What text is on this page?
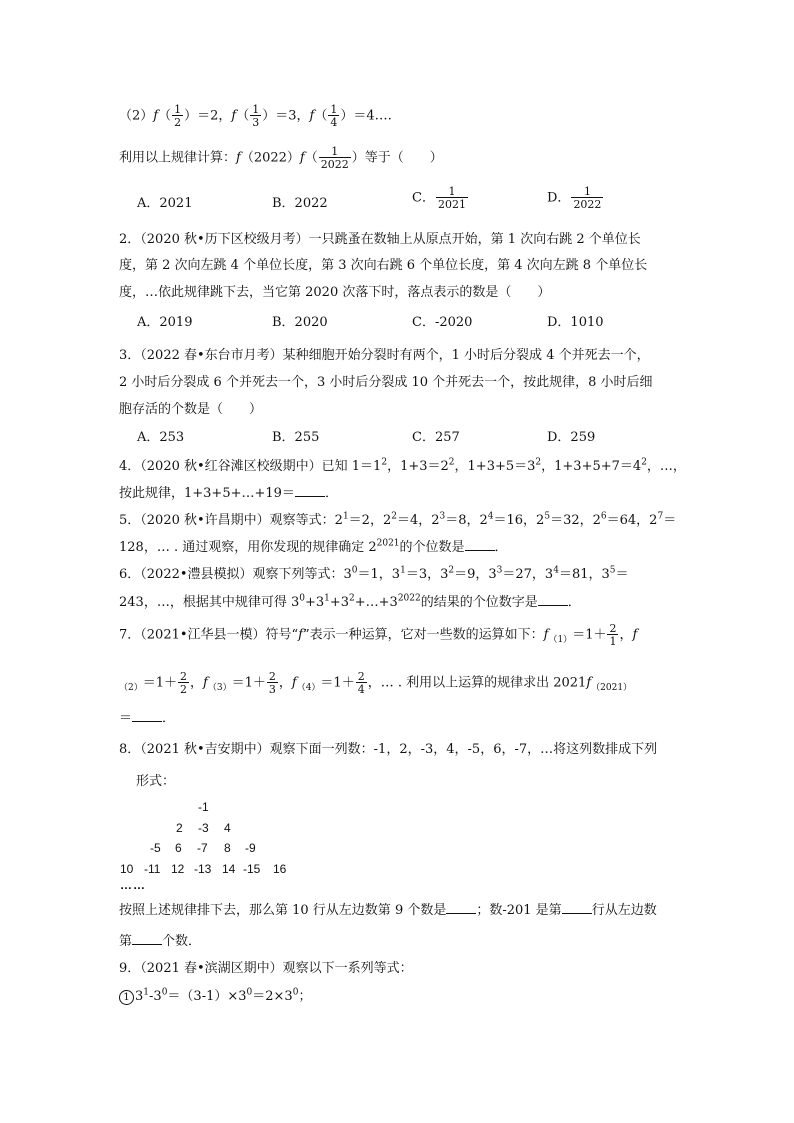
$(2)f( \frac{1}{2} )=2$，$f( \frac{1}{3} )=3$，$f( \frac{1}{4}$ ）＝4….
利用以上规律计算：$f(2022)f( \frac{1}{2022}$ ）等于（　　）
A．2021	B．2022	C． $\frac{1}{2021}$	D． $\frac{1}{2022}$
2．（2020 秋•历下区校级月考）一只跳蚤在数轴上从原点开始，第 1 次向右跳 2 个单位长
度，第 2 次向左跳 4 个单位长度，第 3 次向右跳 6 个单位长度，第 4 次向左跳 8 个单位长
度，…依此规律跳下去，当它第 2020 次落下时，落点表示的数是（　　）
A．2019	B．2020	C．-2020	D．1010
3．（2022 春•东台市月考）某种细胞开始分裂时有两个，1 小时后分裂成 4 个并死去一个，
2 小时后分裂成 6 个并死去一个，3 小时后分裂成 10 个并死去一个，按此规律，8 小时后细
胞存活的个数是（　　）
A．253	B．255	C．257	D．259
4．（2020 秋•红谷滩区校级期中）已知 $1=1^2$，$1+3=2^2$，$1+3+5=3^2$，$1+3+5+7=4^2$，…，
按此规律，1+3+5+…+19＝ ．
5．（2020 秋•许昌期中）观察等式：$2^1=2$，$2^2=4$，$2^3=8$，$2^4=16$，$2^5=32$，$2^6=64$，$2^7=$
128，… . 通过观察，用你发现的规律确定 $2^{2021}$的个位数是 ．
6．（2022•澧县模拟）观察下列等式：$3^0=1$，$3^1=3$，$3^2=9$，$3^3=27$，$3^4=81$，$3^5=$
243，…，根据其中规律可得 $3^0+3^1+3^2+\dots+3^{2022}$的结果的个位数字是 ．
7．（2021•江华县一模）符号“f”表示一种运算，它对一些数的运算如下：$f_{(1)}=1+ \frac{2}{1}$ ，f
$_{(2)}=1+ \frac{2}{2}$ ，$f_{(3)}=1+ \frac{2}{3}$ ，$f_{(4)}=1+ \frac{2}{4}$ ，… . 利用以上运算的规律求出 $2021f_{(2021)}$
＝ ．
8．（2021 秋•吉安期中）观察下面一列数：-1，2，-3，4，-5，6，-7，…将这列数排成下列
形式：
-1
2 -3 4
-5 6 -7 8 -9
10 -11 12 -13 14 -15 16
……
按照上述规律排下去，那么第 10 行从左边数第 9 个数是 ；数-201 是第 行从左边数
第 个数．
9．（2021 春•滨湖区期中）观察以下一系列等式：
1 $3^1-3^0=(3-1)\times 3^0=2\times 3^0$；
